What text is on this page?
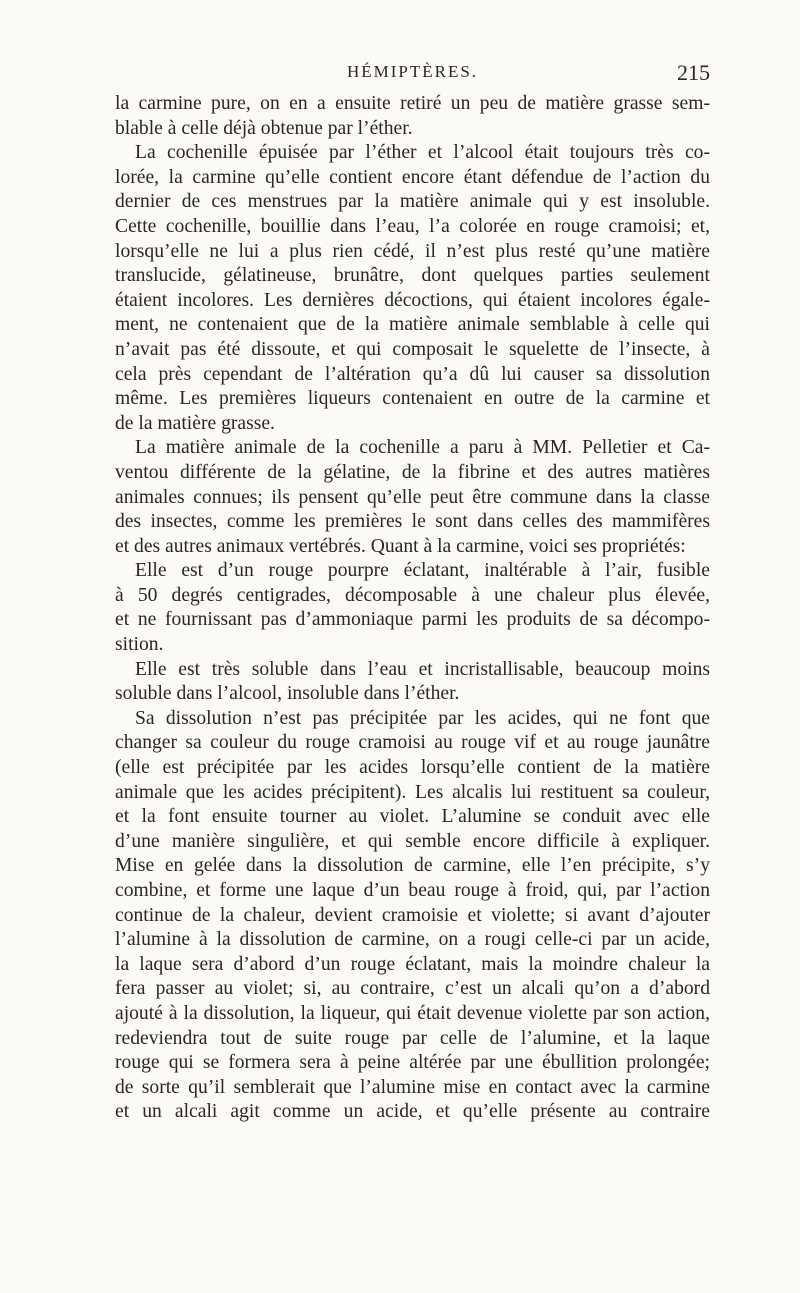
HÉMIPTÈRES.	215
la carmine pure, on en a ensuite retiré un peu de matière grasse sem-
blable à celle déjà obtenue par l’éther.
La cochenille épuisée par l’éther et l’alcool était toujours très co-
lorée, la carmine qu’elle contient encore étant défendue de l’action du
dernier de ces menstrues par la matière animale qui y est insoluble.
Cette cochenille, bouillie dans l’eau, l’a colorée en rouge cramoisi; et,
lorsqu’elle ne lui a plus rien cédé, il n’est plus resté qu’une matière
translucide, gélatineuse, brunâtre, dont quelques parties seulement
étaient incolores. Les dernières décoctions, qui étaient incolores égale-
ment, ne contenaient que de la matière animale semblable à celle qui
n’avait pas été dissoute, et qui composait le squelette de l’insecte, à
cela près cependant de l’altération qu’a dû lui causer sa dissolution
même. Les premières liqueurs contenaient en outre de la carmine et
de la matière grasse.
La matière animale de la cochenille a paru à MM. Pelletier et Ca-
ventou différente de la gélatine, de la fibrine et des autres matières
animales connues; ils pensent qu’elle peut être commune dans la classe
des insectes, comme les premières le sont dans celles des mammifères
et des autres animaux vertébrés. Quant à la carmine, voici ses propriétés:
Elle est d’un rouge pourpre éclatant, inaltérable à l’air, fusible
à 50 degrés centigrades, décomposable à une chaleur plus élevée,
et ne fournissant pas d’ammoniaque parmi les produits de sa décompo-
sition.
Elle est très soluble dans l’eau et incristallisable, beaucoup moins
soluble dans l’alcool, insoluble dans l’éther.
Sa dissolution n’est pas précipitée par les acides, qui ne font que
changer sa couleur du rouge cramoisi au rouge vif et au rouge jaunâtre
(elle est précipitée par les acides lorsqu’elle contient de la matière
animale que les acides précipitent). Les alcalis lui restituent sa couleur,
et la font ensuite tourner au violet. L’alumine se conduit avec elle
d’une manière singulière, et qui semble encore difficile à expliquer.
Mise en gelée dans la dissolution de carmine, elle l’en précipite, s’y
combine, et forme une laque d’un beau rouge à froid, qui, par l’action
continue de la chaleur, devient cramoisie et violette; si avant d’ajouter
l’alumine à la dissolution de carmine, on a rougi celle-ci par un acide,
la laque sera d’abord d’un rouge éclatant, mais la moindre chaleur la
fera passer au violet; si, au contraire, c’est un alcali qu’on a d’abord
ajouté à la dissolution, la liqueur, qui était devenue violette par son action,
redeviendra tout de suite rouge par celle de l’alumine, et la laque
rouge qui se formera sera à peine altérée par une ébullition prolongée;
de sorte qu’il semblerait que l’alumine mise en contact avec la carmine
et un alcali agit comme un acide, et qu’elle présente au contraire
